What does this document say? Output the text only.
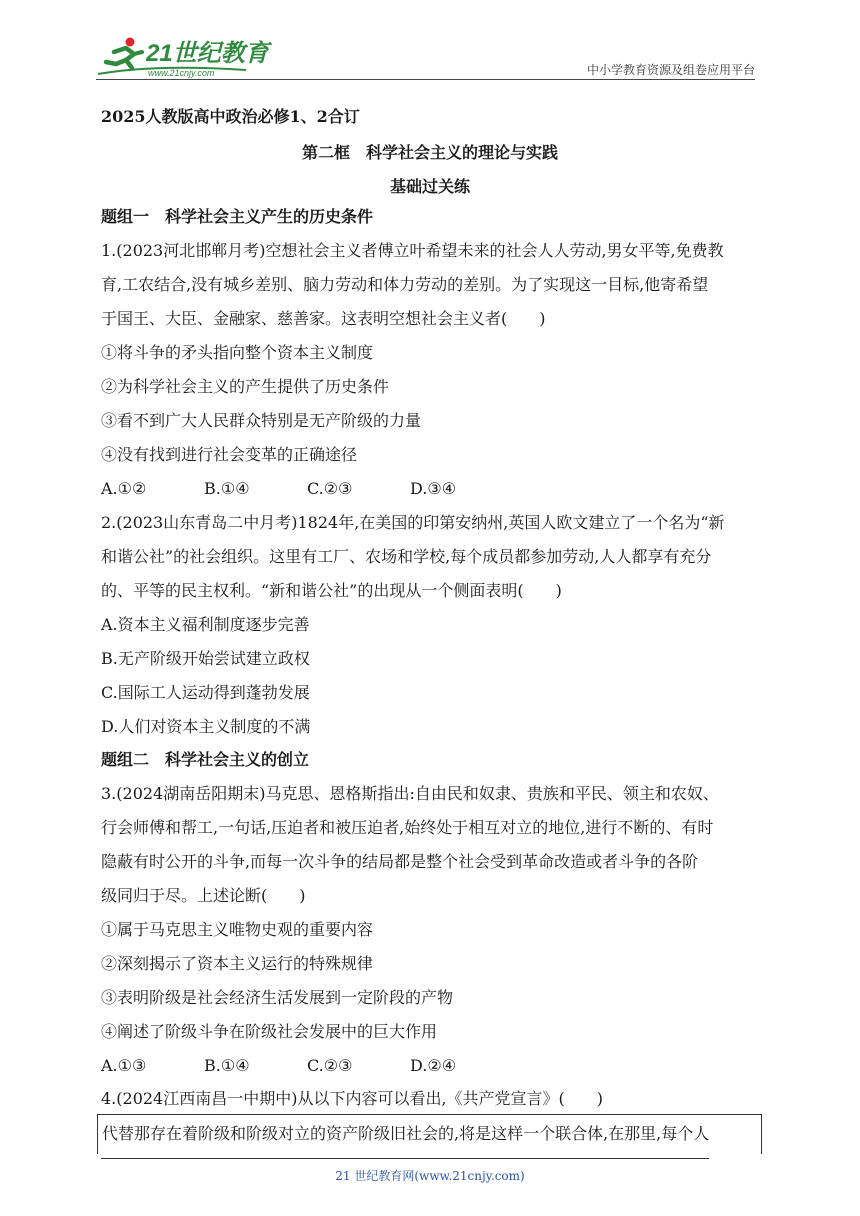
21世纪教育
www.21cnjy.com	中小学教育资源及组卷应用平台
2025人教版高中政治必修1、2合订
第二框　科学社会主义的理论与实践
基础过关练
题组一　科学社会主义产生的历史条件
1.(2023河北邯郸月考)空想社会主义者傅立叶希望未来的社会人人劳动,男女平等,免费教
育,工农结合,没有城乡差别、脑力劳动和体力劳动的差别。为了实现这一目标,他寄希望
于国王、大臣、金融家、慈善家。这表明空想社会主义者(　　)
①将斗争的矛头指向整个资本主义制度
②为科学社会主义的产生提供了历史条件
③看不到广大人民群众特别是无产阶级的力量
④没有找到进行社会变革的正确途径
A.①②	B.①④	C.②③	D.③④
2.(2023山东青岛二中月考)1824年,在美国的印第安纳州,英国人欧文建立了一个名为“新
和谐公社”的社会组织。这里有工厂、农场和学校,每个成员都参加劳动,人人都享有充分
的、平等的民主权利。“新和谐公社”的出现从一个侧面表明(　　)
A.资本主义福利制度逐步完善
B.无产阶级开始尝试建立政权
C.国际工人运动得到蓬勃发展
D.人们对资本主义制度的不满
题组二　科学社会主义的创立
3.(2024湖南岳阳期末)马克思、恩格斯指出:自由民和奴隶、贵族和平民、领主和农奴、
行会师傅和帮工,一句话,压迫者和被压迫者,始终处于相互对立的地位,进行不断的、有时
隐蔽有时公开的斗争,而每一次斗争的结局都是整个社会受到革命改造或者斗争的各阶
级同归于尽。上述论断(　　)
①属于马克思主义唯物史观的重要内容
②深刻揭示了资本主义运行的特殊规律
③表明阶级是社会经济生活发展到一定阶段的产物
④阐述了阶级斗争在阶级社会发展中的巨大作用
A.①③	B.①④	C.②③	D.②④
4.(2024江西南昌一中期中)从以下内容可以看出,《共产党宣言》(　　)
代替那存在着阶级和阶级对立的资产阶级旧社会的,将是这样一个联合体,在那里,每个人
21 世纪教育网(www.21cnjy.com)
